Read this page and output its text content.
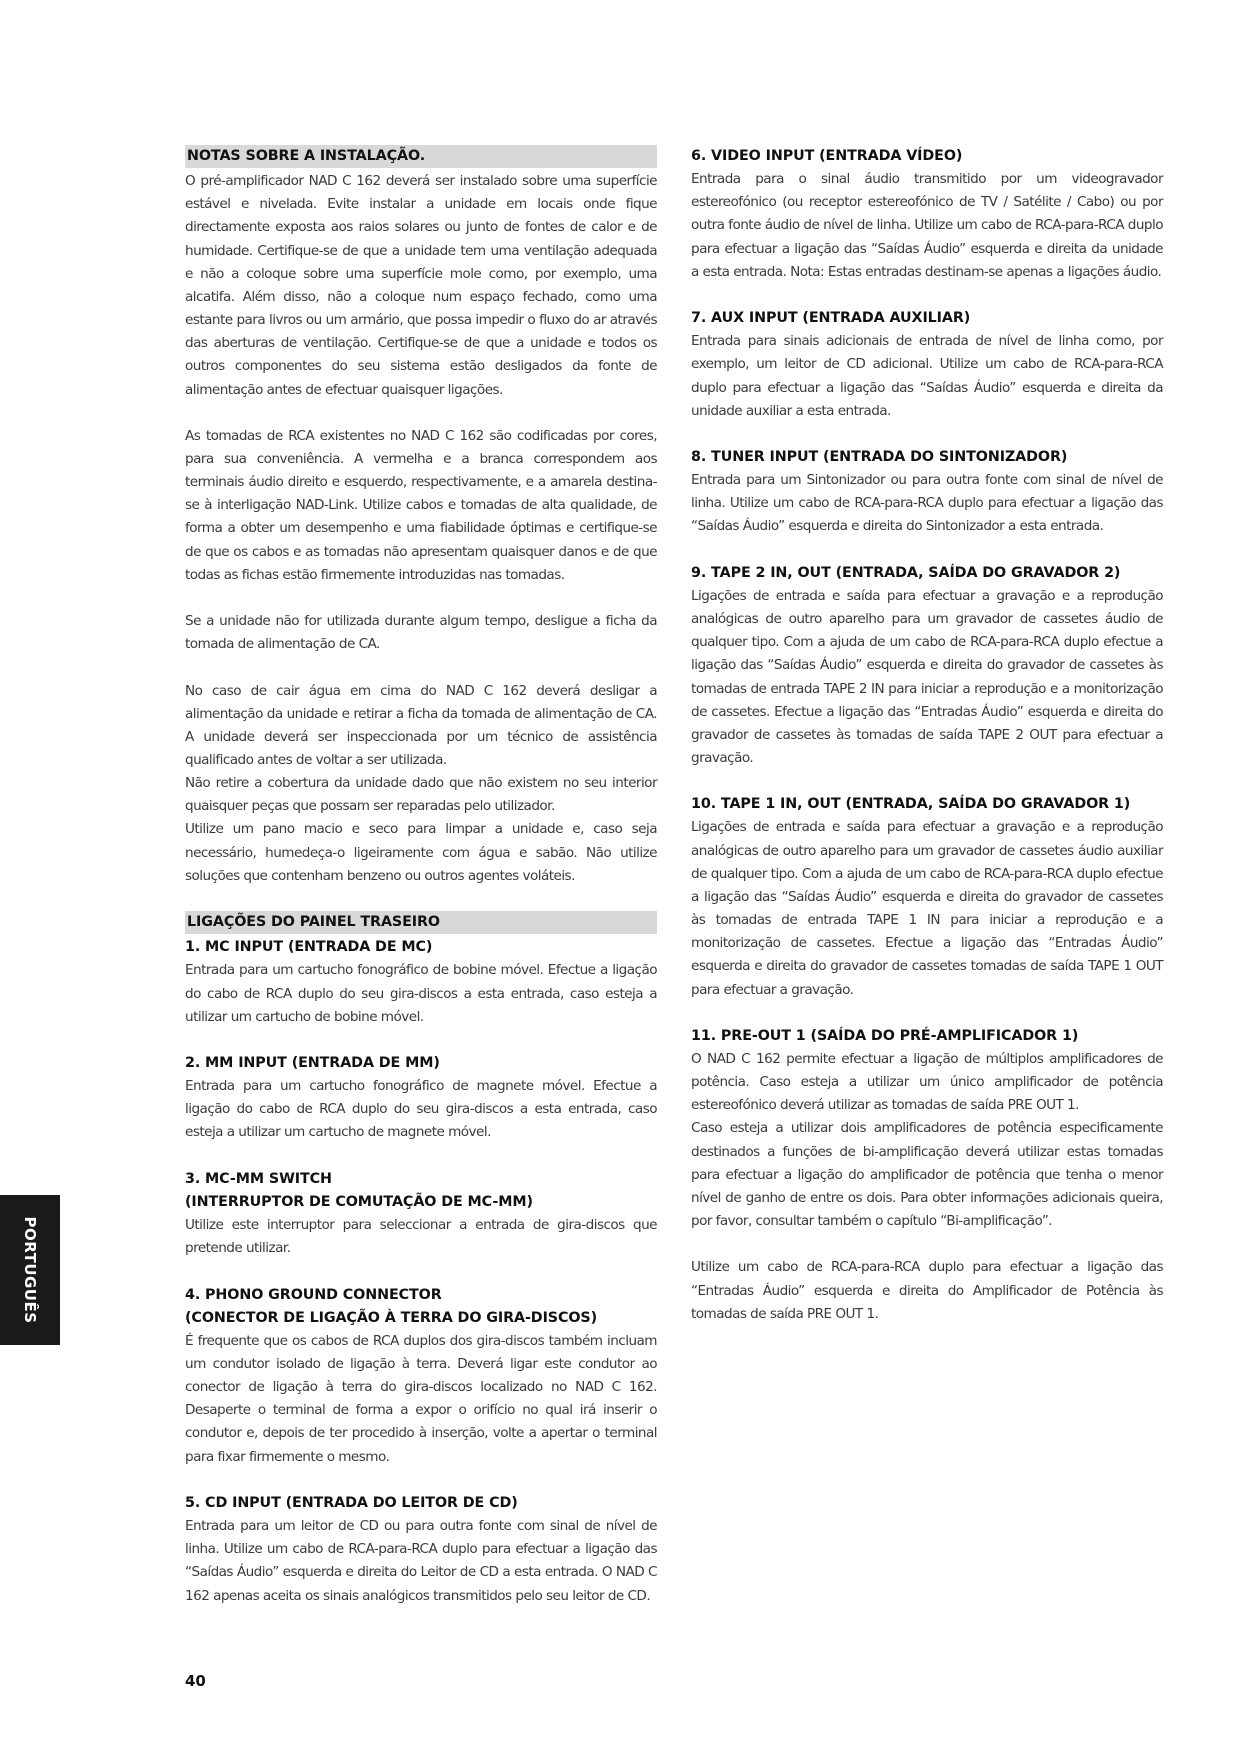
NOTAS SOBRE A INSTALAÇÃO.

O pré-amplificador NAD C 162 deverá ser instalado sobre uma superfície estável e nivelada. Evite instalar a unidade em locais onde fique directamente exposta aos raios solares ou junto de fontes de calor e de humidade. Certifique-se de que a unidade tem uma ventilação adequada e não a coloque sobre uma superfície mole como, por exemplo, uma alcatifa. Além disso, não a coloque num espaço fechado, como uma estante para livros ou um armário, que possa impedir o fluxo do ar através das aberturas de ventilação. Certifique-se de que a unidade e todos os outros componentes do seu sistema estão desligados da fonte de alimentação antes de efectuar quaisquer ligações.

As tomadas de RCA existentes no NAD C 162 são codificadas por cores, para sua conveniência. A vermelha e a branca correspondem aos terminais áudio direito e esquerdo, respectivamente, e a amarela destina-se à interligação NAD-Link. Utilize cabos e tomadas de alta qualidade, de forma a obter um desempenho e uma fiabilidade óptimas e certifique-se de que os cabos e as tomadas não apresentam quaisquer danos e de que todas as fichas estão firmemente introduzidas nas tomadas.

Se a unidade não for utilizada durante algum tempo, desligue a ficha da tomada de alimentação de CA.

No caso de cair água em cima do NAD C 162 deverá desligar a alimentação da unidade e retirar a ficha da tomada de alimentação de CA. A unidade deverá ser inspeccionada por um técnico de assistência qualificado antes de voltar a ser utilizada.

Não retire a cobertura da unidade dado que não existem no seu interior quaisquer peças que possam ser reparadas pelo utilizador.

Utilize um pano macio e seco para limpar a unidade e, caso seja necessário, humedeça-o ligeiramente com água e sabão. Não utilize soluções que contenham benzeno ou outros agentes voláteis.

LIGAÇÕES DO PAINEL TRASEIRO
1. MC INPUT (ENTRADA DE MC)

Entrada para um cartucho fonográfico de bobine móvel. Efectue a ligação do cabo de RCA duplo do seu gira-discos a esta entrada, caso esteja a utilizar um cartucho de bobine móvel.

2. MM INPUT (ENTRADA DE MM)

Entrada para um cartucho fonográfico de magnete móvel. Efectue a ligação do cabo de RCA duplo do seu gira-discos a esta entrada, caso esteja a utilizar um cartucho de magnete móvel.

3. MC-MM SWITCH
(INTERRUPTOR DE COMUTAÇÃO DE MC-MM)

Utilize este interruptor para seleccionar a entrada de gira-discos que pretende utilizar.

4. PHONO GROUND CONNECTOR
(CONECTOR DE LIGAÇÃO À TERRA DO GIRA-DISCOS)

É frequente que os cabos de RCA duplos dos gira-discos também incluam um condutor isolado de ligação à terra. Deverá ligar este condutor ao conector de ligação à terra do gira-discos localizado no NAD C 162. Desaperte o terminal de forma a expor o orifício no qual irá inserir o condutor e, depois de ter procedido à inserção, volte a apertar o terminal para fixar firmemente o mesmo.

5. CD INPUT (ENTRADA DO LEITOR DE CD)

Entrada para um leitor de CD ou para outra fonte com sinal de nível de linha. Utilize um cabo de RCA-para-RCA duplo para efectuar a ligação das “Saídas Áudio” esquerda e direita do Leitor de CD a esta entrada. O NAD C 162 apenas aceita os sinais analógicos transmitidos pelo seu leitor de CD.

6. VIDEO INPUT (ENTRADA VÍDEO)

Entrada para o sinal áudio transmitido por um videogravador estereofónico (ou receptor estereofónico de TV / Satélite / Cabo) ou por outra fonte áudio de nível de linha. Utilize um cabo de RCA-para-RCA duplo para efectuar a ligação das “Saídas Áudio” esquerda e direita da unidade a esta entrada. Nota: Estas entradas destinam-se apenas a ligações áudio.

7. AUX INPUT (ENTRADA AUXILIAR)

Entrada para sinais adicionais de entrada de nível de linha como, por exemplo, um leitor de CD adicional. Utilize um cabo de RCA-para-RCA duplo para efectuar a ligação das “Saídas Áudio” esquerda e direita da unidade auxiliar a esta entrada.

8. TUNER INPUT (ENTRADA DO SINTONIZADOR)

Entrada para um Sintonizador ou para outra fonte com sinal de nível de linha. Utilize um cabo de RCA-para-RCA duplo para efectuar a ligação das “Saídas Áudio” esquerda e direita do Sintonizador a esta entrada.

9. TAPE 2 IN, OUT (ENTRADA, SAÍDA DO GRAVADOR 2)

Ligações de entrada e saída para efectuar a gravação e a reprodução analógicas de outro aparelho para um gravador de cassetes áudio de qualquer tipo. Com a ajuda de um cabo de RCA-para-RCA duplo efectue a ligação das “Saídas Áudio” esquerda e direita do gravador de cassetes às tomadas de entrada TAPE 2 IN para iniciar a reprodução e a monitorização de cassetes. Efectue a ligação das “Entradas Áudio” esquerda e direita do gravador de cassetes às tomadas de saída TAPE 2 OUT para efectuar a gravação.

10. TAPE 1 IN, OUT (ENTRADA, SAÍDA DO GRAVADOR 1)

Ligações de entrada e saída para efectuar a gravação e a reprodução analógicas de outro aparelho para um gravador de cassetes áudio auxiliar de qualquer tipo. Com a ajuda de um cabo de RCA-para-RCA duplo efectue a ligação das “Saídas Áudio” esquerda e direita do gravador de cassetes às tomadas de entrada TAPE 1 IN para iniciar a reprodução e a monitorização de cassetes. Efectue a ligação das “Entradas Áudio” esquerda e direita do gravador de cassetes tomadas de saída TAPE 1 OUT para efectuar a gravação.

11. PRE-OUT 1 (SAÍDA DO PRÉ-AMPLIFICADOR 1)

O NAD C 162 permite efectuar a ligação de múltiplos amplificadores de potência. Caso esteja a utilizar um único amplificador de potência estereofónico deverá utilizar as tomadas de saída PRE OUT 1.

Caso esteja a utilizar dois amplificadores de potência especificamente destinados a funções de bi-amplificação deverá utilizar estas tomadas para efectuar a ligação do amplificador de potência que tenha o menor nível de ganho de entre os dois. Para obter informações adicionais queira, por favor, consultar também o capítulo “Bi-amplificação”.

Utilize um cabo de RCA-para-RCA duplo para efectuar a ligação das “Entradas Áudio” esquerda e direita do Amplificador de Potência às tomadas de saída PRE OUT 1.

PORTUGUÊS
40
